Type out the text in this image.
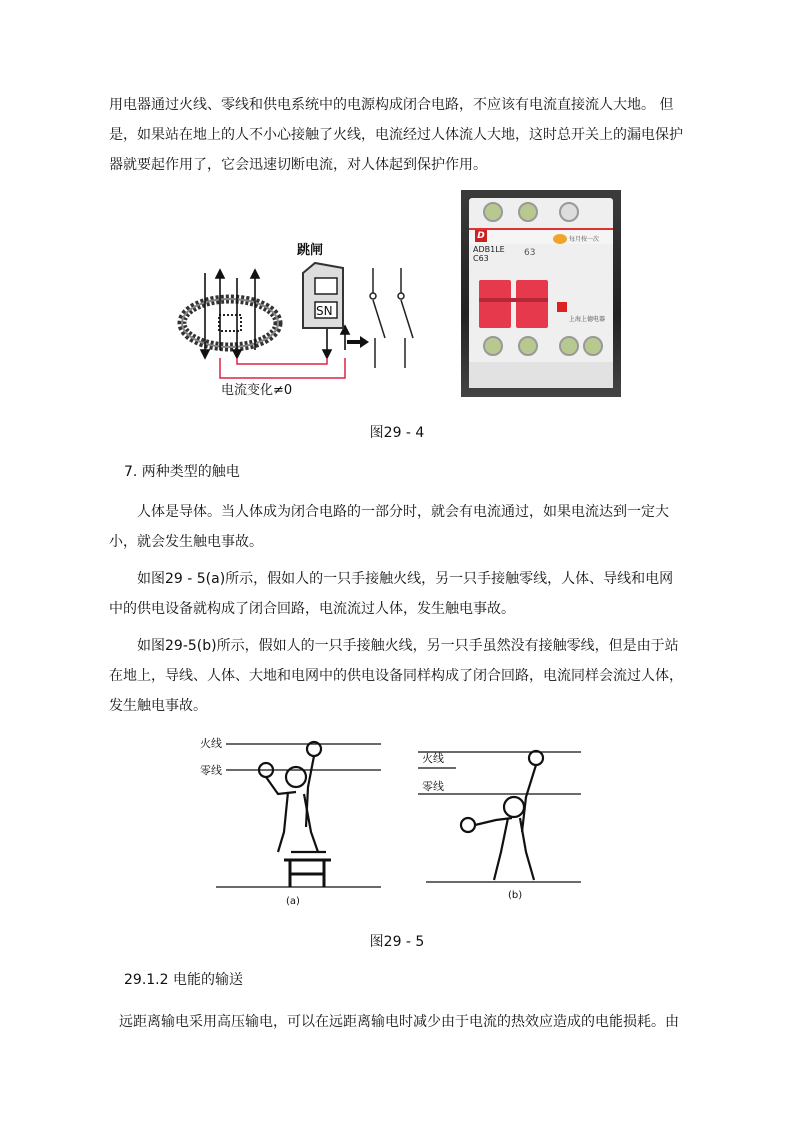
用电器通过火线、零线和供电系统中的电源构成闭合电路，不应该有电流直接流人大地。 但是，如果站在地上的人不小心接触了火线，电流经过人体流人大地，这时总开关上的漏电保护器就要起作用了，它会迅速切断电流，对人体起到保护作用。

SN
跳闸
电流变化≠0
D	每月按一次
ADB1LE
C63
63
上海上德电器
图29 - 4
7. 两种类型的触电

人体是导体。当人体成为闭合电路的一部分时，就会有电流通过，如果电流达到一定大 小，就会发生触电事故。

如图29 - 5(a)所示，假如人的一只手接触火线，另一只手接触零线，人体、导线和电网中的供电设备就构成了闭合回路，电流流过人体，发生触电事故。

如图29-5(b)所示，假如人的一只手接触火线，另一只手虽然没有接触零线，但是由于站在地上，导线、人体、大地和电网中的供电设备同样构成了闭合回路，电流同样会流过人体，发生触电事故。

火线
零线
(a)
火线
零线
(b)
图29 - 5
29.1.2 电能的输送

远距离输电采用高压输电，可以在远距离输电时减少由于电流的热效应造成的电能损耗。由
